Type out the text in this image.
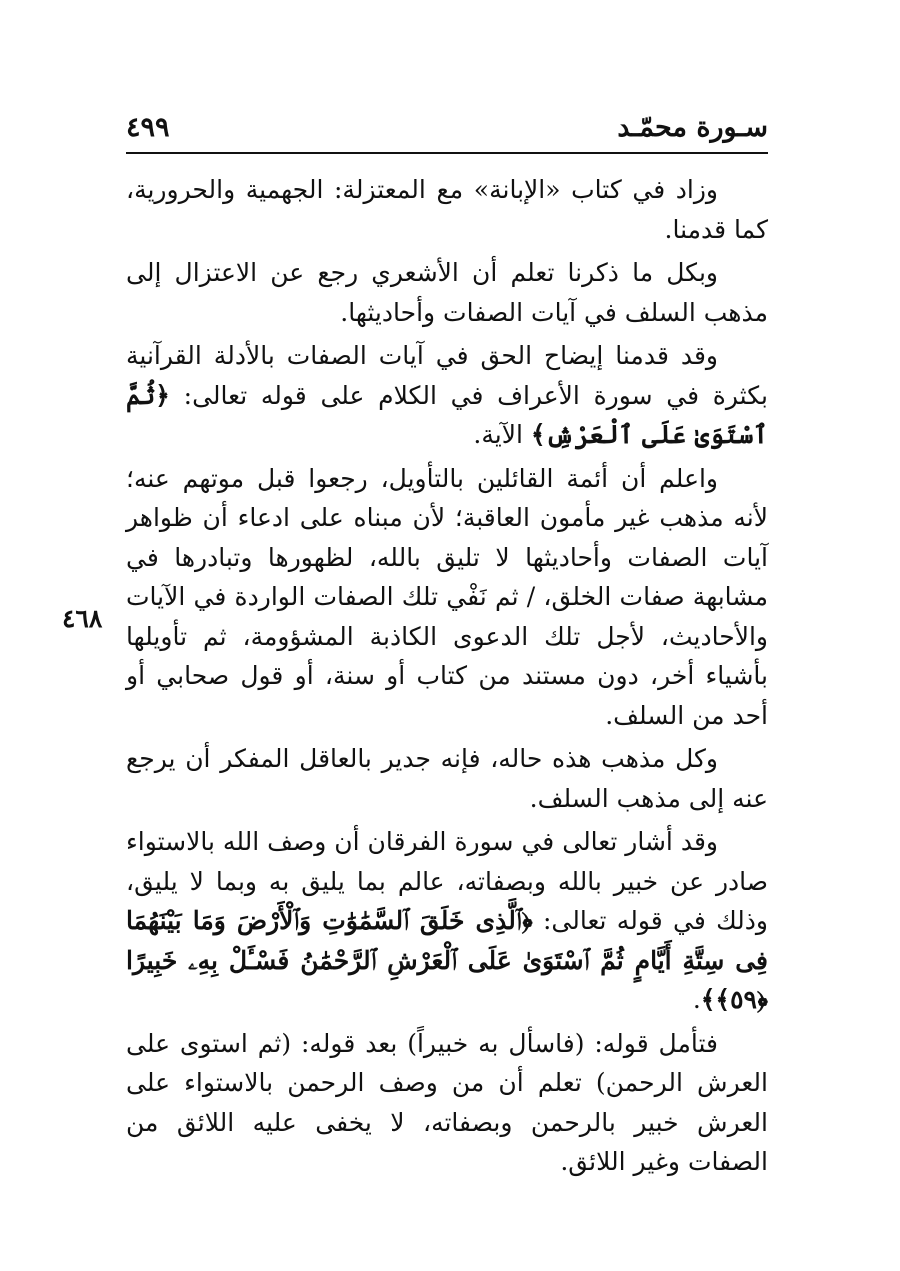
سـورة محمّـد
٤٩٩
٤٦٨

وزاد في كتاب «الإبانة» مع المعتزلة: الجهمية والحرورية، كما قدمنا.

وبكل ما ذكرنا تعلم أن الأشعري رجع عن الاعتزال إلى مذهب السلف في آيات الصفات وأحاديثها.

وقد قدمنا إيضاح الحق في آيات الصفات بالأدلة القرآنية بكثرة في سورة الأعراف في الكلام على قوله تعالى: ﴿ثُمَّ ٱسْتَوَىٰ عَلَى ٱلْعَرْشِ﴾ الآية.

واعلم أن أئمة القائلين بالتأويل، رجعوا قبل موتهم عنه؛ لأنه مذهب غير مأمون العاقبة؛ لأن مبناه على ادعاء أن ظواهر آيات الصفات وأحاديثها لا تليق بالله، لظهورها وتبادرها في مشابهة صفات الخلق، / ثم نَفْي تلك الصفات الواردة في الآيات والأحاديث، لأجل تلك الدعوى الكاذبة المشؤومة، ثم تأويلها بأشياء أخر، دون مستند من كتاب أو سنة، أو قول صحابي أو أحد من السلف.

وكل مذهب هذه حاله، فإنه جدير بالعاقل المفكر أن يرجع عنه إلى مذهب السلف.

وقد أشار تعالى في سورة الفرقان أن وصف الله بالاستواء صادر عن خبير بالله وبصفاته، عالم بما يليق به وبما لا يليق، وذلك في قوله تعالى: ﴿ٱلَّذِى خَلَقَ ٱلسَّمَٰوَٰتِ وَٱلْأَرْضَ وَمَا بَيْنَهُمَا فِى سِتَّةِ أَيَّامٍ ثُمَّ ٱسْتَوَىٰ عَلَى ٱلْعَرْشِ ٱلرَّحْمَٰنُ فَسْـَٔلْ بِهِۦ خَبِيرًا ﴿٥٩﴾﴾.

فتأمل قوله: (فاسأل به خبيراً) بعد قوله: (ثم استوى على العرش الرحمن) تعلم أن من وصف الرحمن بالاستواء على العرش خبير بالرحمن وبصفاته، لا يخفى عليه اللائق من الصفات وغير اللائق.
